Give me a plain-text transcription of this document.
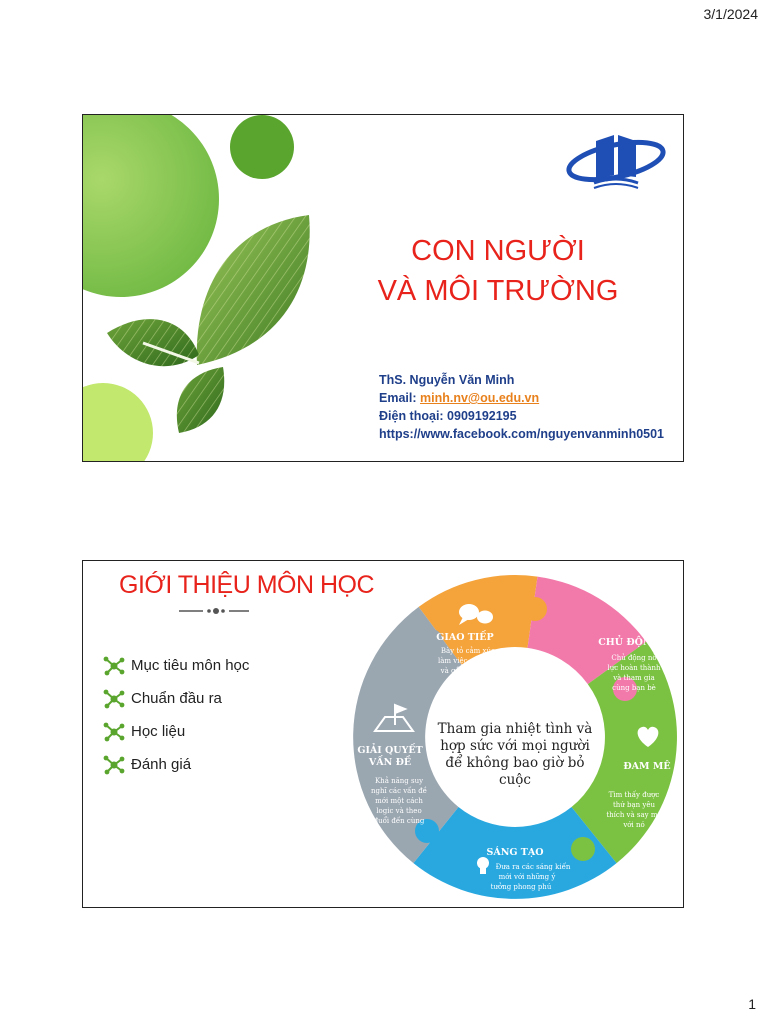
3/1/2024
CON NGƯỜI
VÀ MÔI TRƯỜNG
ThS. Nguyễn Văn Minh
Email: minh.nv@ou.edu.vn
Điện thoại: 0909192195
https://www.facebook.com/nguyenvanminh0501
GIỚI THIỆU MÔN HỌC
Mục tiêu môn học
Chuẩn đầu ra
Học liệu
Đánh giá
Tham gia nhiệt tình và
hợp sức với mọi người
để không bao giờ bỏ
cuộc
GIAO TIẾP
Bày tỏ cảm xúc,
làm việc chặt chẽ
và gắn kết cùng
bạn bè
CHỦ ĐỘNG
Chủ động nỗ
lực hoàn thành
và tham gia
cùng bạn bè
ĐAM MÊ
Tìm thấy được
thứ bạn yêu
thích và say mê
với nó
SÁNG TẠO
Đưa ra các sáng kiến
mới với những ý
tưởng phong phú
GIẢI QUYẾT
VẤN ĐỀ
Khả năng suy
nghĩ các vấn đề
mới một cách
logic và theo
đuổi đến cùng
1
